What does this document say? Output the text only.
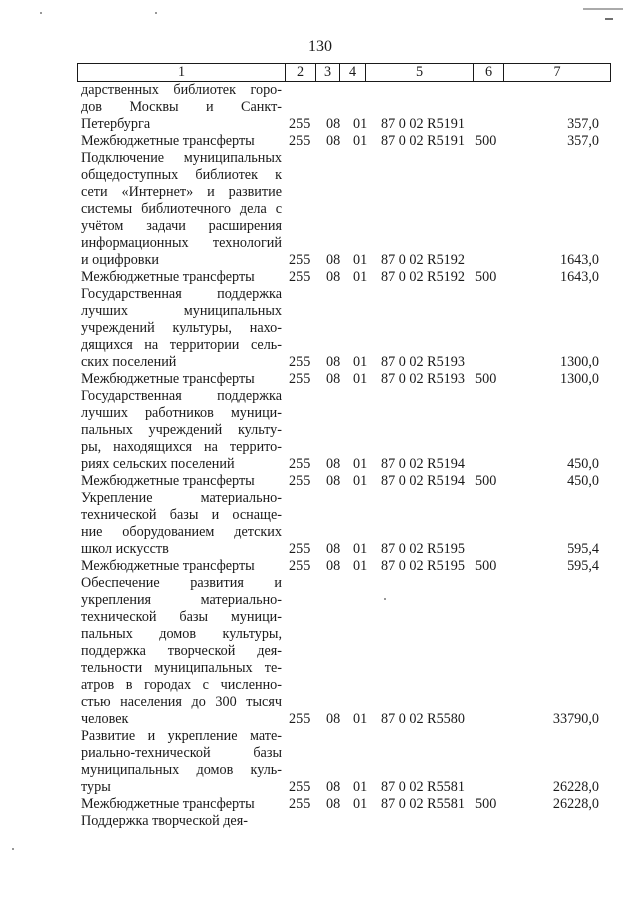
130
1	2	3	4	5	6	7
дарственных библиотек горо-
дов Москвы и Санкт-
Петербурга	255 08 01 87 0 02 R5191	357,0
Межбюджетные трансферты	255 08 01 87 0 02 R5191 500	357,0
Подключение муниципальных
общедоступных библиотек к
сети «Интернет» и развитие
системы библиотечного дела с
учётом задачи расширения
информационных технологий
и оцифровки	255 08 01 87 0 02 R5192	1643,0
Межбюджетные трансферты	255 08 01 87 0 02 R5192 500	1643,0
Государственная поддержка
лучших муниципальных
учреждений культуры, нахо-
дящихся на территории сель-
ских поселений	255 08 01 87 0 02 R5193	1300,0
Межбюджетные трансферты	255 08 01 87 0 02 R5193 500	1300,0
Государственная поддержка
лучших работников муници-
пальных учреждений культу-
ры, находящихся на террито-
риях сельских поселений	255 08 01 87 0 02 R5194	450,0
Межбюджетные трансферты	255 08 01 87 0 02 R5194 500	450,0
Укрепление материально-
технической базы и оснаще-
ние оборудованием детских
школ искусств	255 08 01 87 0 02 R5195	595,4
Межбюджетные трансферты	255 08 01 87 0 02 R5195 500	595,4
Обеспечение развития и
укрепления материально-
технической базы муници-
пальных домов культуры,
поддержка творческой дея-
тельности муниципальных те-
атров в городах с численно-
стью населения до 300 тысяч
человек	255 08 01 87 0 02 R5580	33790,0
Развитие и укрепление мате-
риально-технической базы
муниципальных домов куль-
туры	255 08 01 87 0 02 R5581	26228,0
Межбюджетные трансферты	255 08 01 87 0 02 R5581 500	26228,0
Поддержка творческой дея-
